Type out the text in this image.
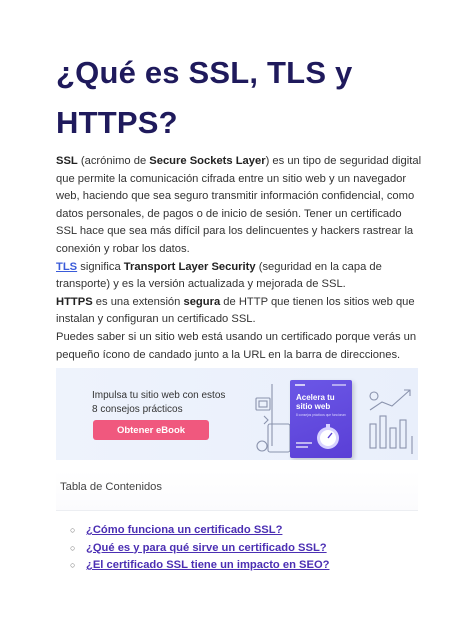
¿Qué es SSL, TLS y HTTPS?

SSL (acrónimo de Secure Sockets Layer) es un tipo de seguridad digital que permite la comunicación cifrada entre un sitio web y un navegador web, haciendo que sea seguro transmitir información confidencial, como datos personales, de pagos o de inicio de sesión. Tener un certificado SSL hace que sea más difícil para los delincuentes y hackers rastrear la conexión y robar los datos.

TLS significa Transport Layer Security (seguridad en la capa de transporte) y es la versión actualizada y mejorada de SSL.

HTTPS es una extensión segura de HTTP que tienen los sitios web que instalan y configuran un certificado SSL.

Puedes saber si un sitio web está usando un certificado porque verás un pequeño ícono de candado junto a la URL en la barra de direcciones.

Impulsa tu sitio web con estos 8 consejos prácticos
Obtener eBook
Acelera tu sitio web
8 consejos prácticos que funcionan
Tabla de Contenidos
○ ¿Cómo funciona un certificado SSL?
○ ¿Qué es y para qué sirve un certificado SSL?
○ ¿El certificado SSL tiene un impacto en SEO?
